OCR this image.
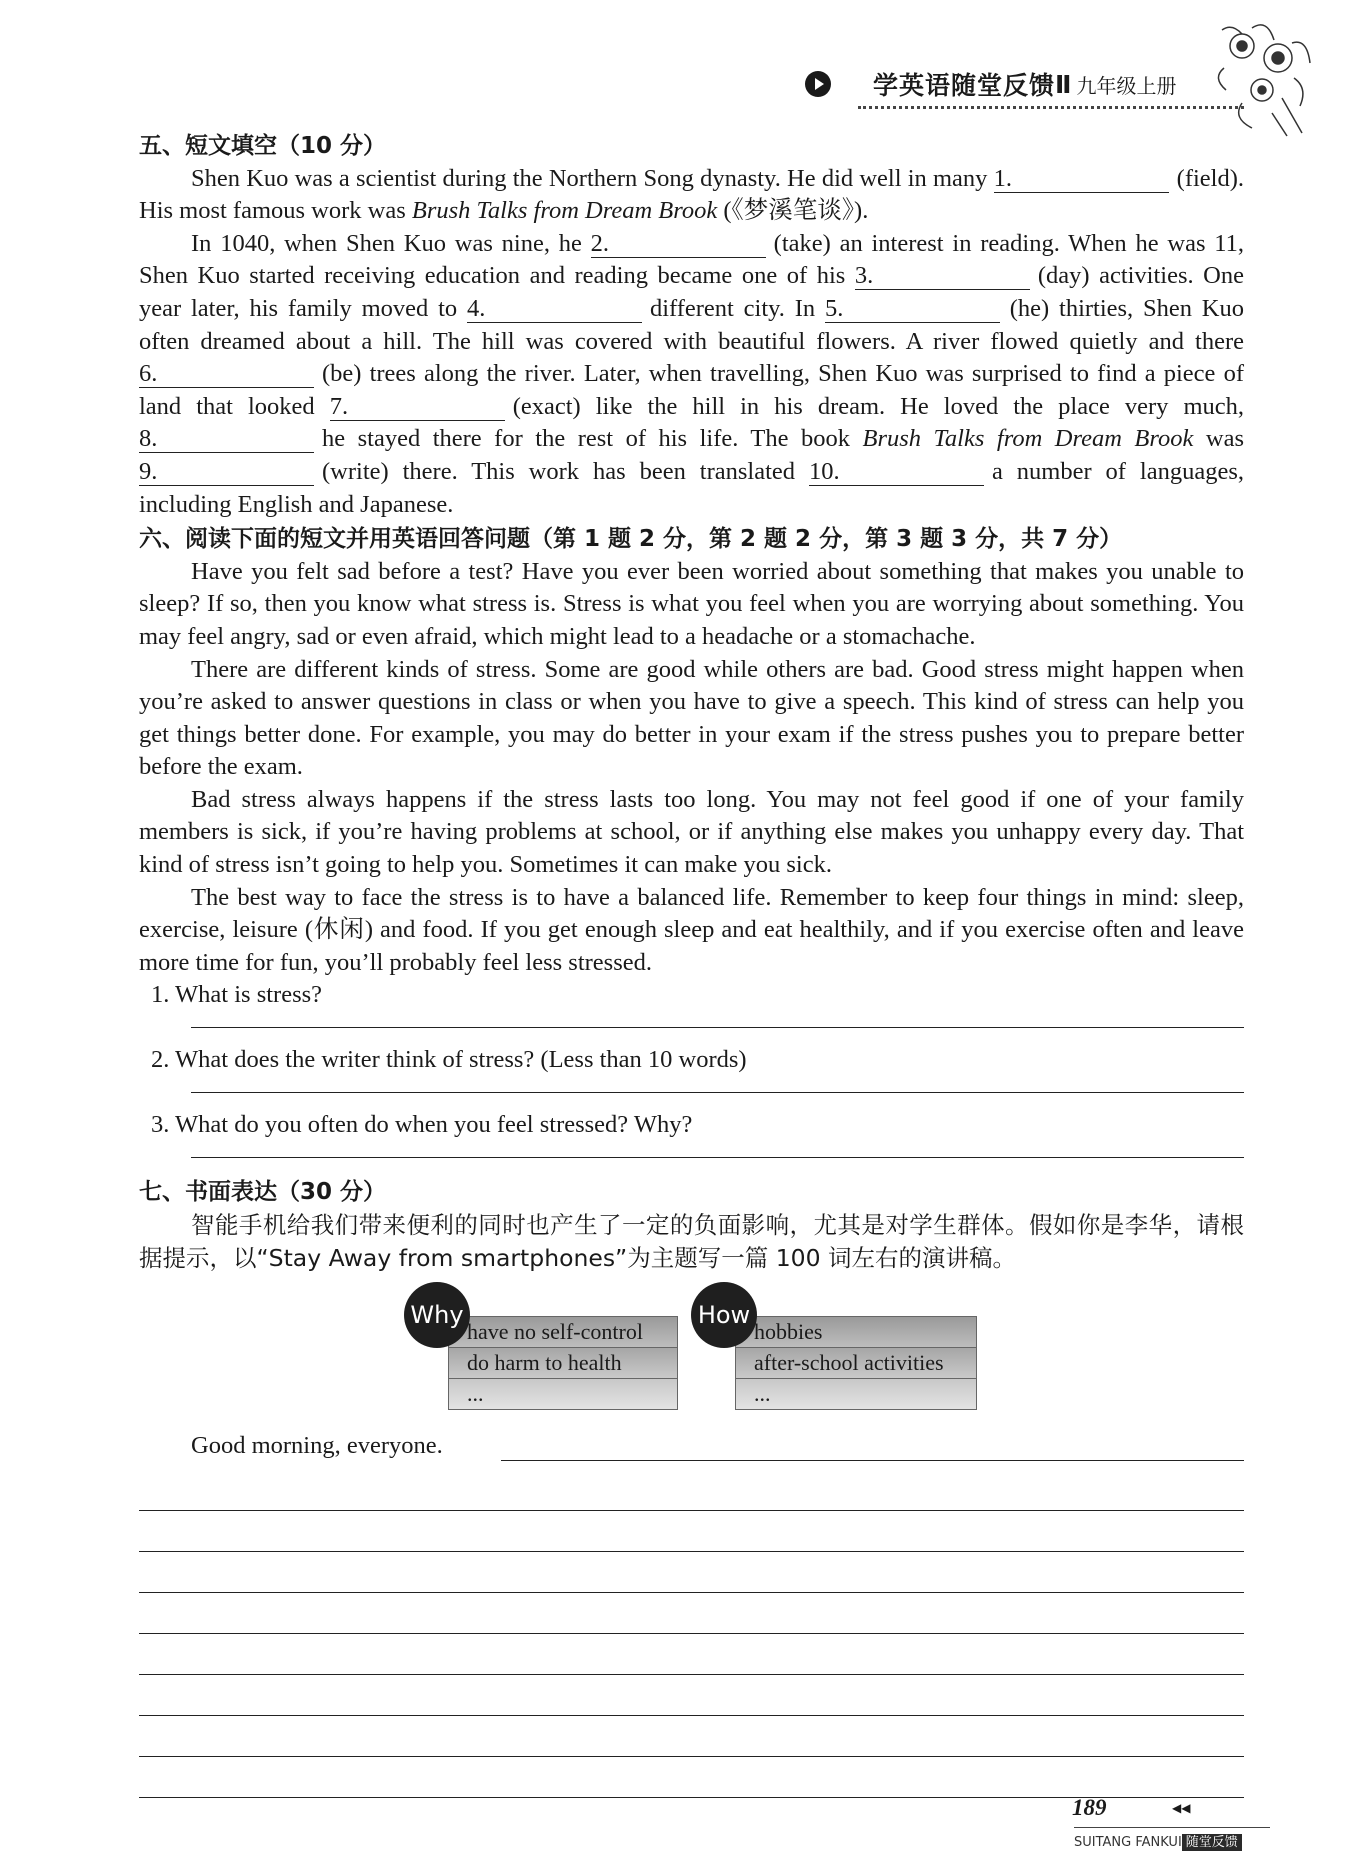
学英语随堂反馈 Ⅱ 九年级上册
五、短文填空（10 分）

Shen Kuo was a scientist during the Northern Song dynasty. He did well in many 1.	(field). His most famous work was Brush Talks from Dream Brook (《梦溪笔谈》).

In 1040, when Shen Kuo was nine, he 2.	(take) an interest in reading. When he was 11, Shen Kuo started receiving education and reading became one of his 3.	(day) activities. One year later, his family moved to 4.	different city. In 5.	(he) thirties, Shen Kuo often dreamed about a hill. The hill was covered with beautiful flowers. A river flowed quietly and there 6.	(be) trees along the river. Later, when travelling, Shen Kuo was surprised to find a piece of land that looked 7.	(exact) like the hill in his dream. He loved the place very much, 8.	he stayed there for the rest of his life. The book Brush Talks from Dream Brook was 9.	(write) there. This work has been translated 10.	a number of languages, including English and Japanese.

六、阅读下面的短文并用英语回答问题（第 1 题 2 分，第 2 题 2 分，第 3 题 3 分，共 7 分）

Have you felt sad before a test? Have you ever been worried about something that makes you unable to sleep? If so, then you know what stress is. Stress is what you feel when you are worrying about something. You may feel angry, sad or even afraid, which might lead to a headache or a stomachache.

There are different kinds of stress. Some are good while others are bad. Good stress might happen when you’re asked to answer questions in class or when you have to give a speech. This kind of stress can help you get things better done. For example, you may do better in your exam if the stress pushes you to prepare better before the exam.

Bad stress always happens if the stress lasts too long. You may not feel good if one of your family members is sick, if you’re having problems at school, or if anything else makes you unhappy every day. That kind of stress isn’t going to help you. Sometimes it can make you sick.

The best way to face the stress is to have a balanced life. Remember to keep four things in mind: sleep, exercise, leisure (休闲) and food. If you get enough sleep and eat healthily, and if you exercise often and leave more time for fun, you’ll probably feel less stressed.

1. What is stress?
2. What does the writer think of stress? (Less than 10 words)
3. What do you often do when you feel stressed? Why?
七、书面表达（30 分）

智能手机给我们带来便利的同时也产生了一定的负面影响，尤其是对学生群体。假如你是李华，请根据提示，以“Stay Away from smartphones”为主题写一篇 100 词左右的演讲稿。

Why
have no self-control
do harm to health
...
How
hobbies
after-school activities
...
Good morning, everyone.
189	◀◀
SUITANG FANKUI 随堂反馈
